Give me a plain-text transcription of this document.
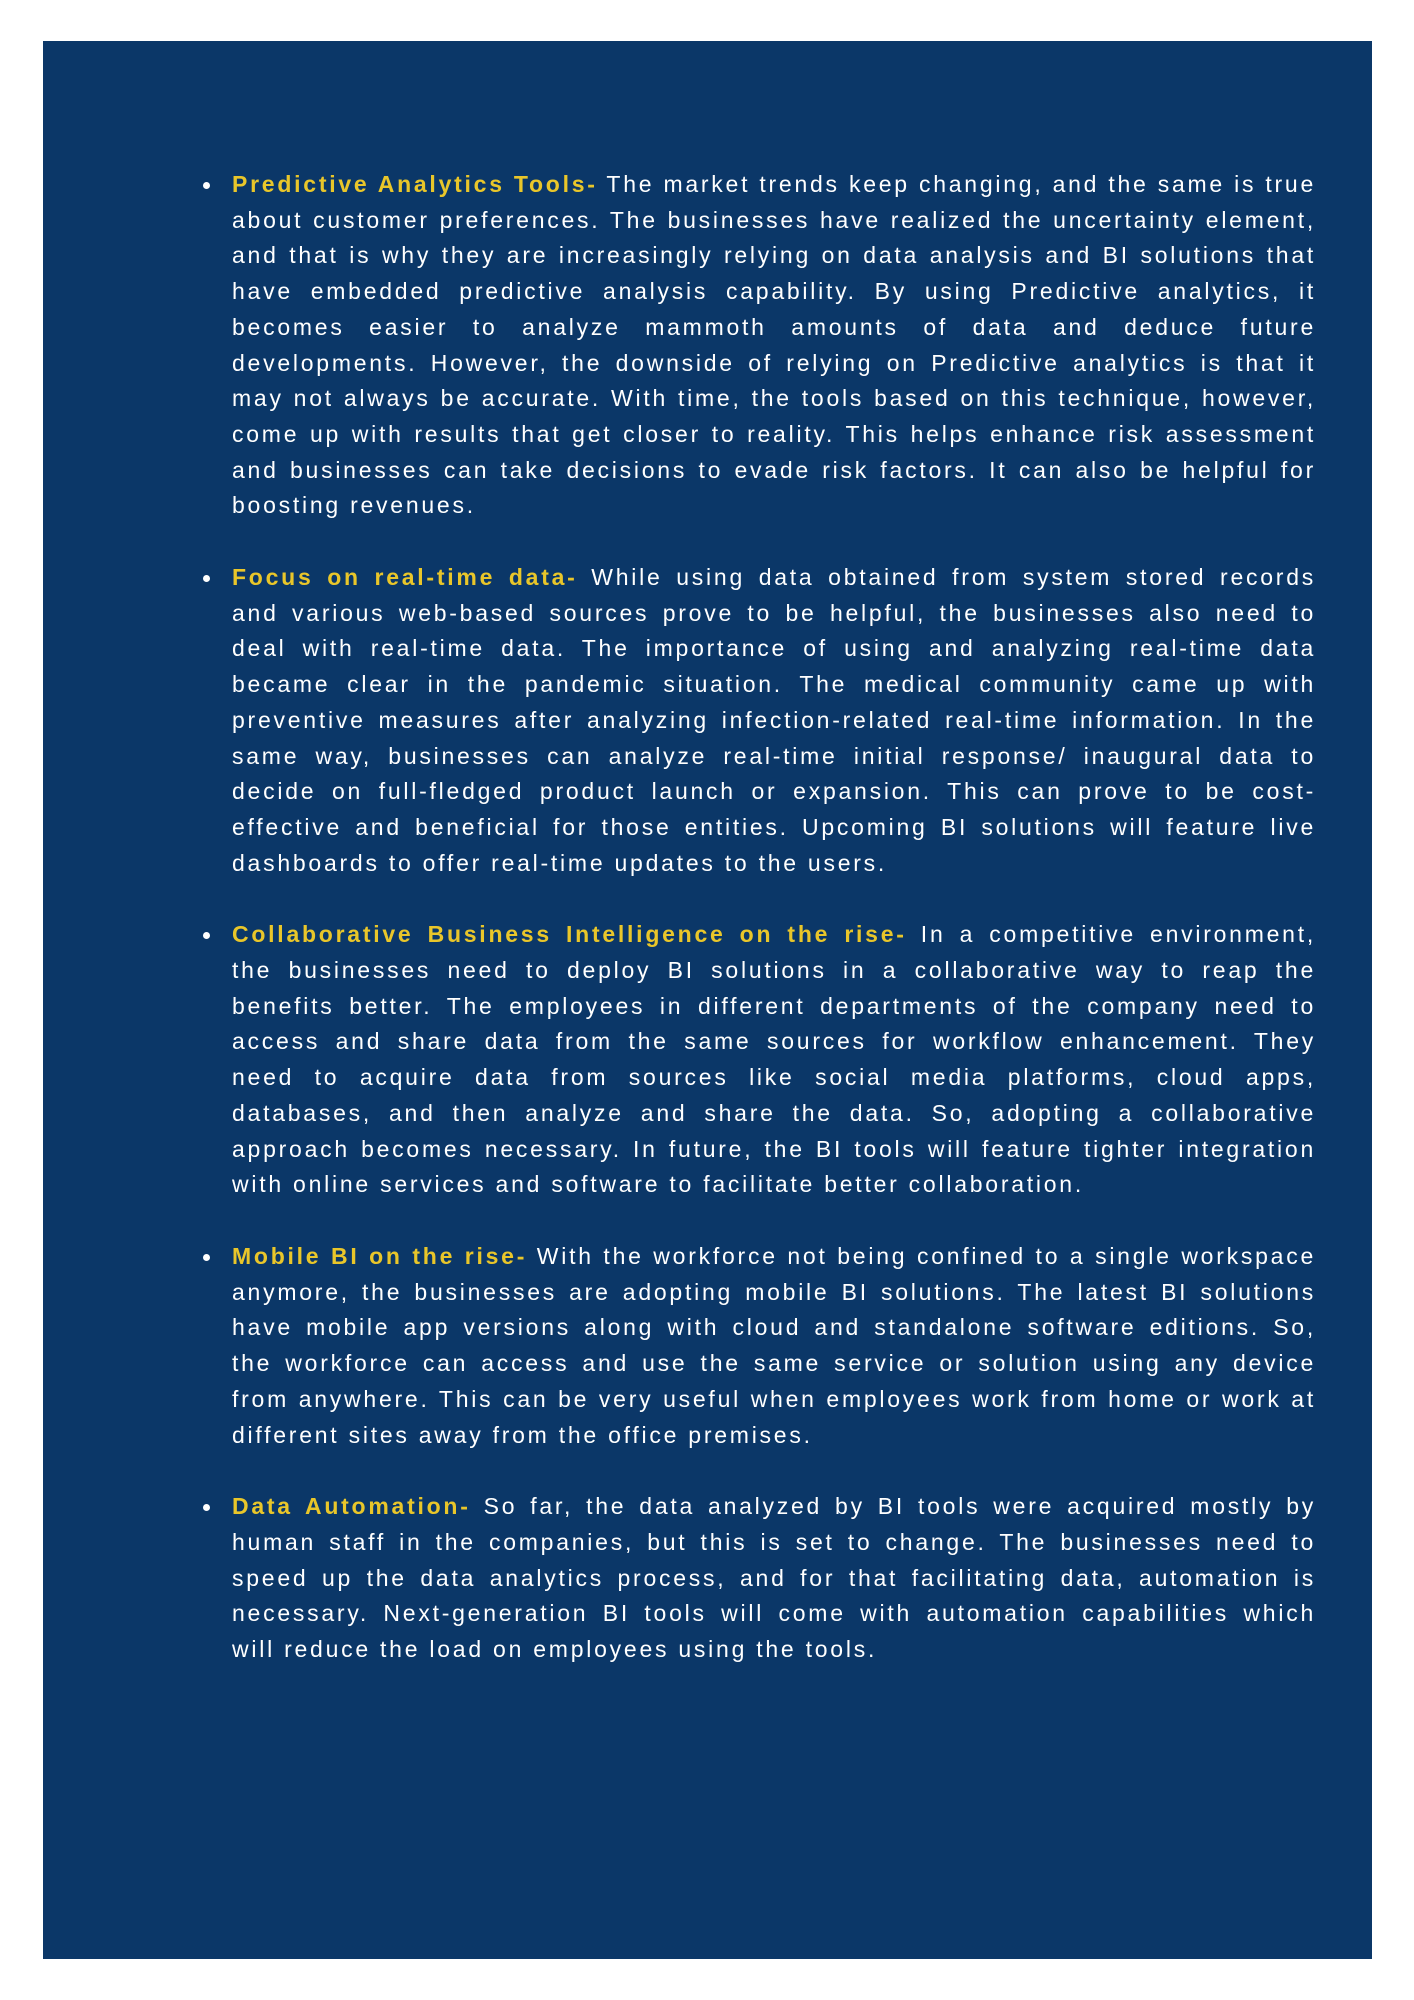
Predictive Analytics Tools- The market trends keep changing, and the same is true about customer preferences. The businesses have realized the uncertainty element, and that is why they are increasingly relying on data analysis and BI solutions that have embedded predictive analysis capability. By using Predictive analytics, it becomes easier to analyze mammoth amounts of data and deduce future developments. However, the downside of relying on Predictive analytics is that it may not always be accurate. With time, the tools based on this technique, however, come up with results that get closer to reality. This helps enhance risk assessment and businesses can take decisions to evade risk factors. It can also be helpful for boosting revenues.
Focus on real-time data- While using data obtained from system stored records and various web-based sources prove to be helpful, the businesses also need to deal with real-time data. The importance of using and analyzing real-time data became clear in the pandemic situation. The medical community came up with preventive measures after analyzing infection-related real-time information. In the same way, businesses can analyze real-time initial response/ inaugural data to decide on full-fledged product launch or expansion. This can prove to be cost-effective and beneficial for those entities. Upcoming BI solutions will feature live dashboards to offer real-time updates to the users.
Collaborative Business Intelligence on the rise- In a competitive environment, the businesses need to deploy BI solutions in a collaborative way to reap the benefits better. The employees in different departments of the company need to access and share data from the same sources for workflow enhancement. They need to acquire data from sources like social media platforms, cloud apps, databases, and then analyze and share the data. So, adopting a collaborative approach becomes necessary. In future, the BI tools will feature tighter integration with online services and software to facilitate better collaboration.
Mobile BI on the rise- With the workforce not being confined to a single workspace anymore, the businesses are adopting mobile BI solutions. The latest BI solutions have mobile app versions along with cloud and standalone software editions. So, the workforce can access and use the same service or solution using any device from anywhere. This can be very useful when employees work from home or work at different sites away from the office premises.
Data Automation- So far, the data analyzed by BI tools were acquired mostly by human staff in the companies, but this is set to change. The businesses need to speed up the data analytics process, and for that facilitating data, automation is necessary. Next-generation BI tools will come with automation capabilities which will reduce the load on employees using the tools.
